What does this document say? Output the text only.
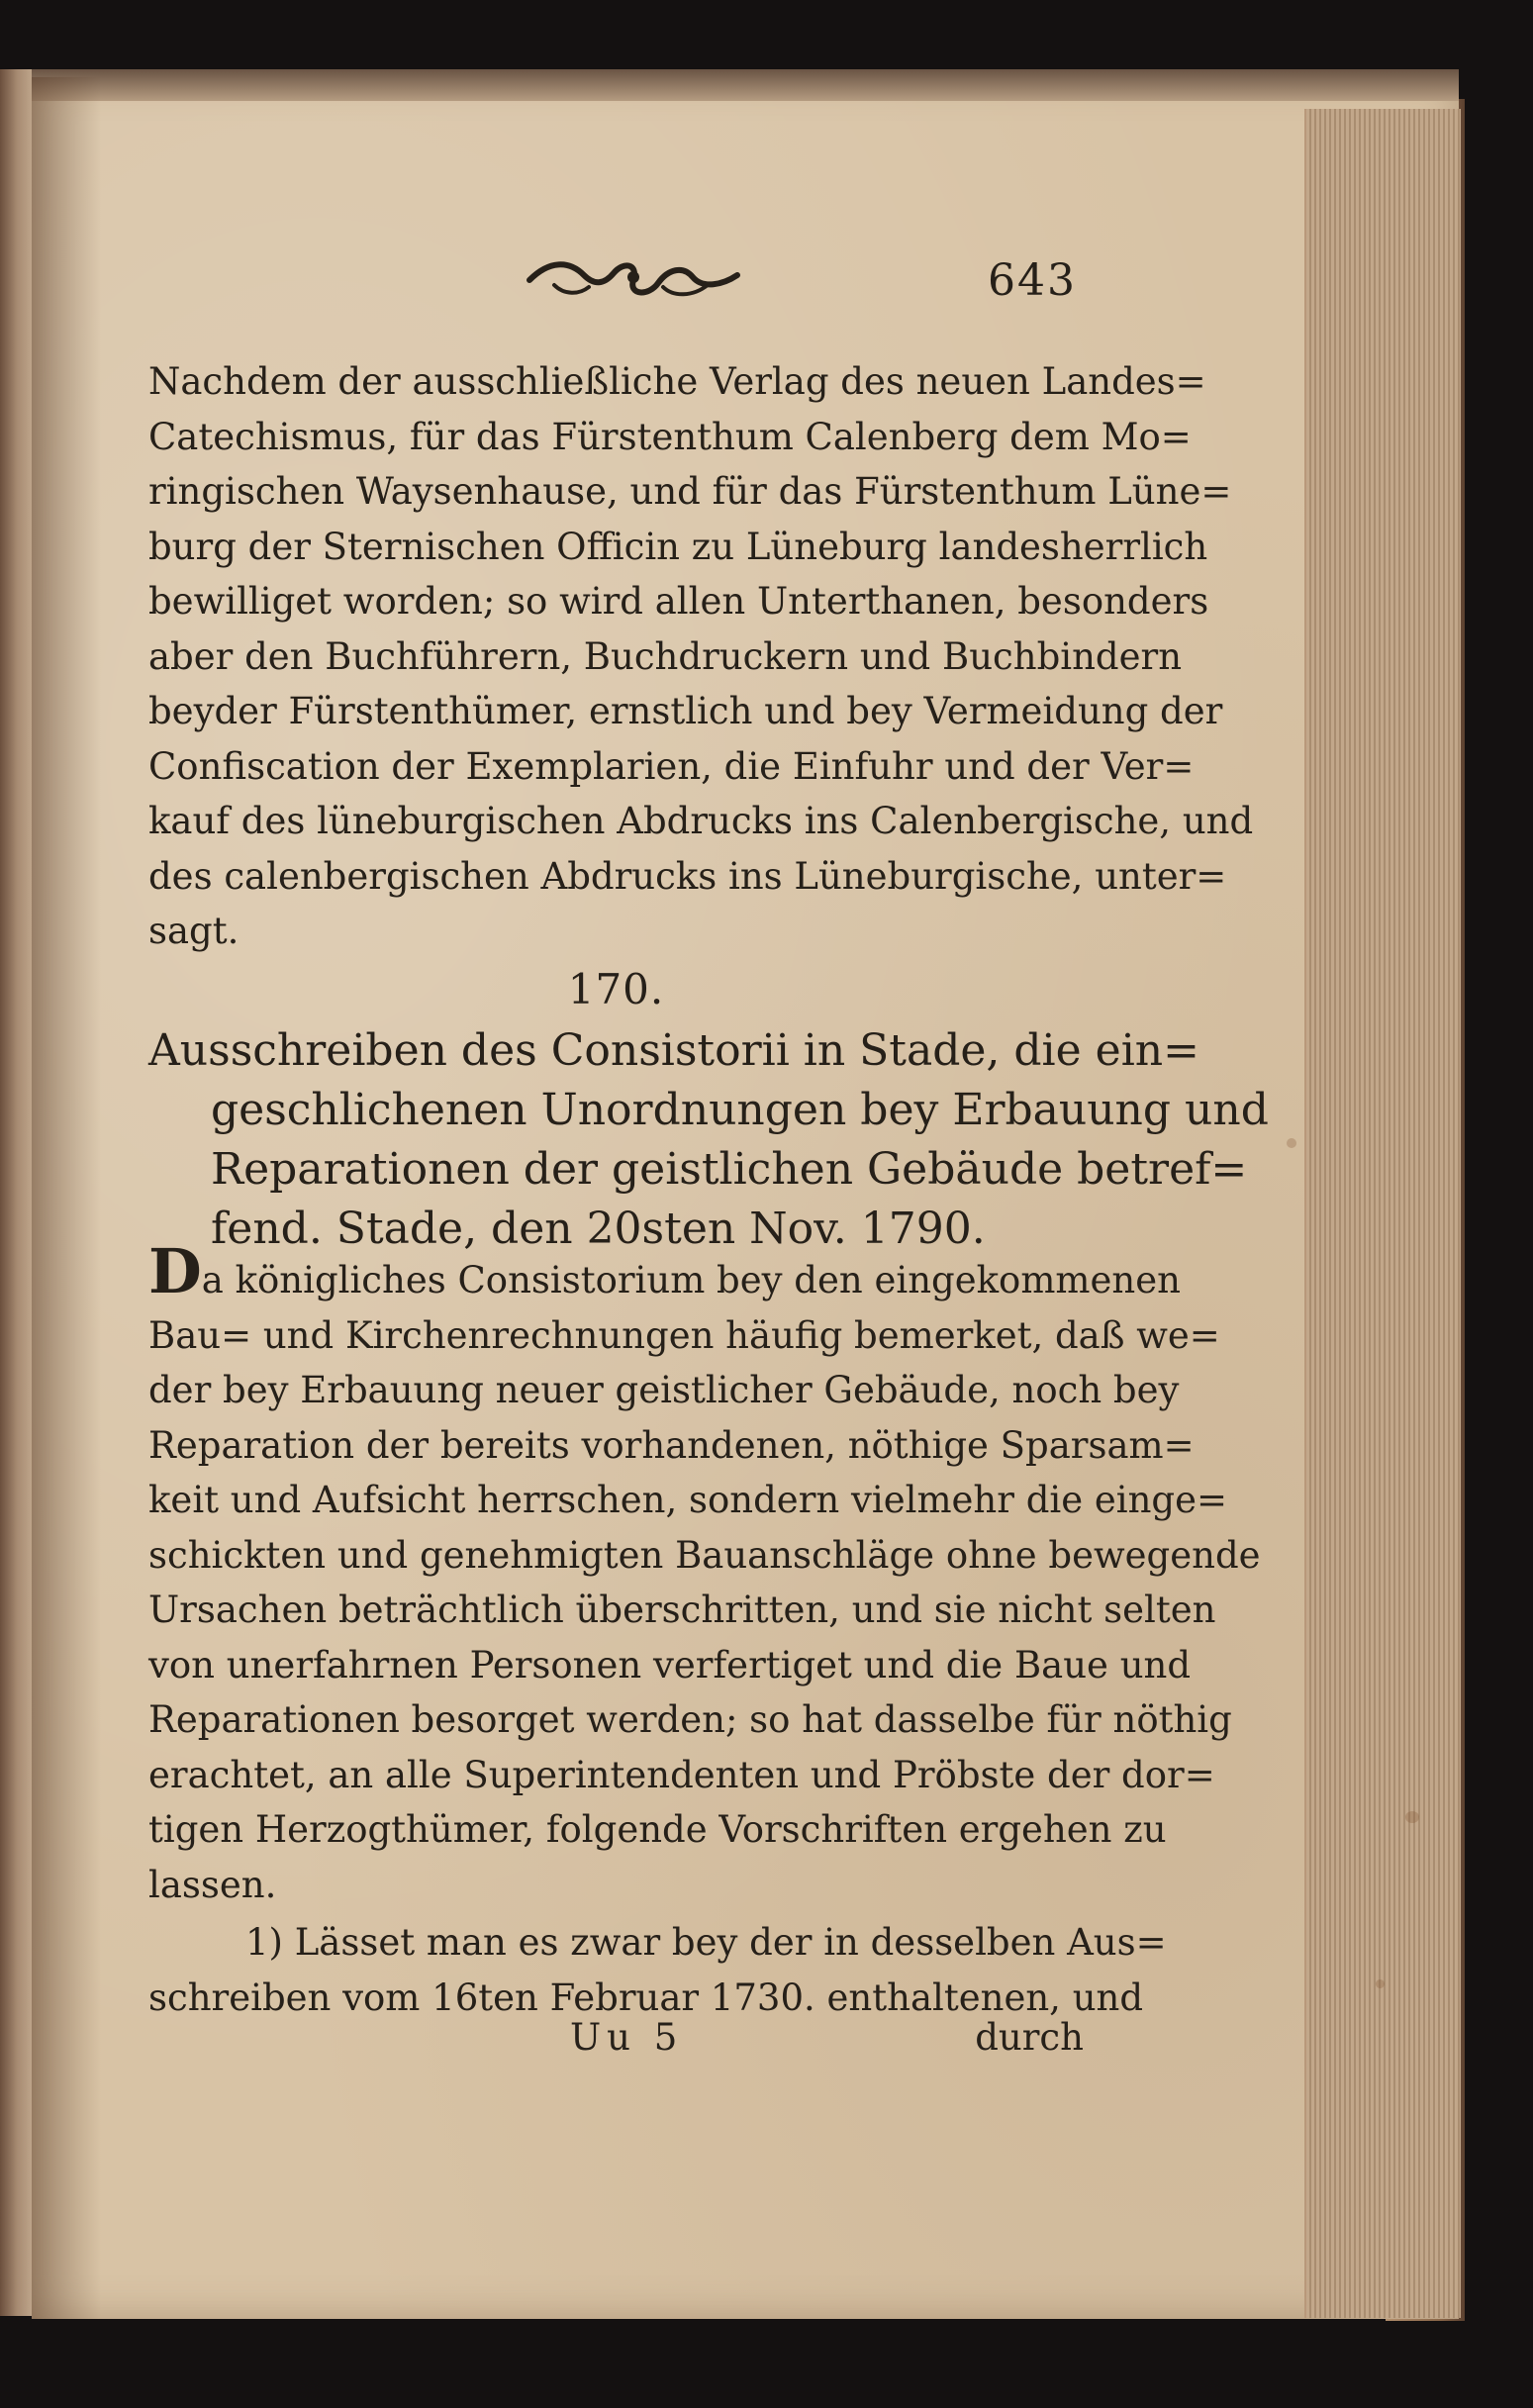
643
Nachdem der ausschließliche Verlag des neuen Landes=
Catechismus, für das Fürstenthum Calenberg dem Mo=
ringischen Waysenhause, und für das Fürstenthum Lüne=
burg der Sternischen Officin zu Lüneburg landesherrlich
bewilliget worden; so wird allen Unterthanen, besonders
aber den Buchführern, Buchdruckern und Buchbindern
beyder Fürstenthümer, ernstlich und bey Vermeidung der
Confiscation der Exemplarien, die Einfuhr und der Ver=
kauf des lüneburgischen Abdrucks ins Calenbergische, und
des calenbergischen Abdrucks ins Lüneburgische, unter=
sagt.
170.
Ausschreiben des Consistorii in Stade, die ein=
geschlichenen Unordnungen bey Erbauung und
Reparationen der geistlichen Gebäude betref=
fend. Stade, den 20sten Nov. 1790.
Da königliches Consistorium bey den eingekommenen
Bau= und Kirchenrechnungen häufig bemerket, daß we=
der bey Erbauung neuer geistlicher Gebäude, noch bey
Reparation der bereits vorhandenen, nöthige Sparsam=
keit und Aufsicht herrschen, sondern vielmehr die einge=
schickten und genehmigten Bauanschläge ohne bewegende
Ursachen beträchtlich überschritten, und sie nicht selten
von unerfahrnen Personen verfertiget und die Baue und
Reparationen besorget werden; so hat dasselbe für nöthig
erachtet, an alle Superintendenten und Pröbste der dor=
tigen Herzogthümer, folgende Vorschriften ergehen zu
lassen.
1) Lässet man es zwar bey der in desselben Aus=
schreiben vom 16ten Februar 1730. enthaltenen, und
Uu 5	durch
